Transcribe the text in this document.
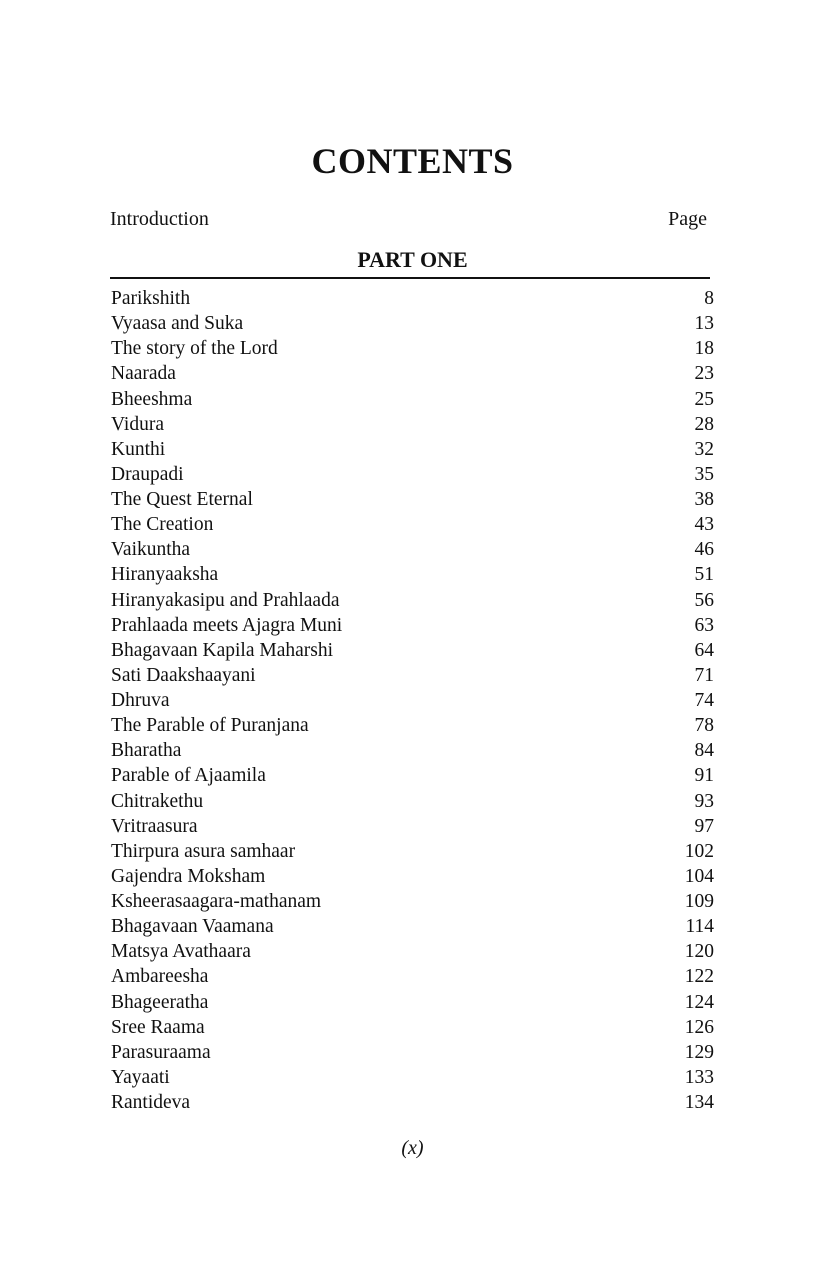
CONTENTS
Introduction	Page
PART ONE
Parikshith	8
Vyaasa and Suka	13
The story of the Lord	18
Naarada	23
Bheeshma	25
Vidura	28
Kunthi	32
Draupadi	35
The Quest Eternal	38
The Creation	43
Vaikuntha	46
Hiranyaaksha	51
Hiranyakasipu and Prahlaada	56
Prahlaada meets Ajagra Muni	63
Bhagavaan Kapila Maharshi	64
Sati Daakshaayani	71
Dhruva	74
The Parable of Puranjana	78
Bharatha	84
Parable of Ajaamila	91
Chitrakethu	93
Vritraasura	97
Thirpura asura samhaar	102
Gajendra Moksham	104
Ksheerasaagara-mathanam	109
Bhagavaan Vaamana	114
Matsya Avathaara	120
Ambareesha	122
Bhageeratha	124
Sree Raama	126
Parasuraama	129
Yayaati	133
Rantideva	134
(x)
